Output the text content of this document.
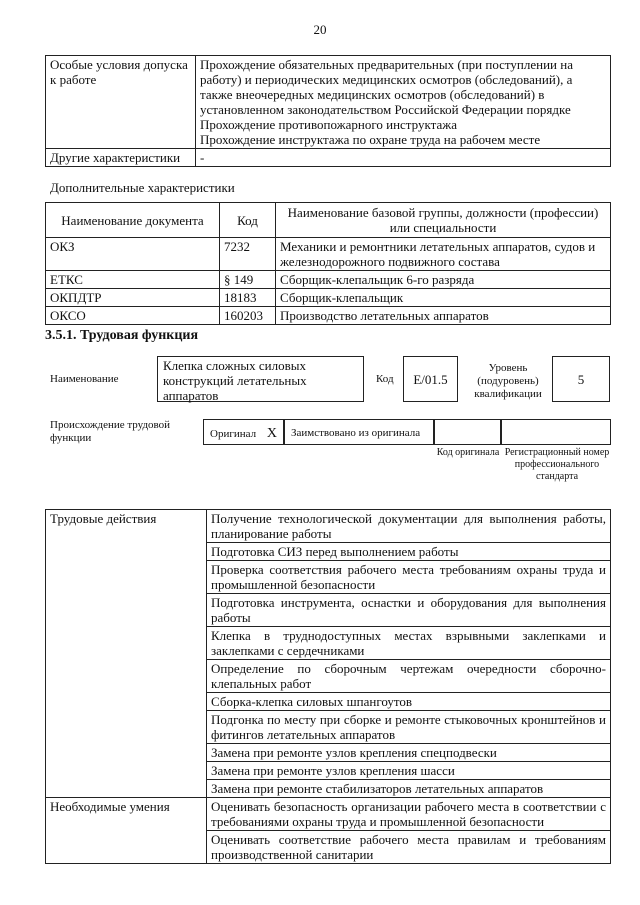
20
Особые условия допуска к работе	Прохождение обязательных предварительных (при поступлении на работу) и периодических медицинских осмотров (обследований), а также внеочередных медицинских осмотров (обследований) в установленном законодательством Российской Федерации порядке
Прохождение противопожарного инструктажа
Прохождение инструктажа по охране труда на рабочем месте

Другие характеристики	-
Дополнительные характеристики
Наименование документа	Код	Наименование базовой группы, должности (профессии) или специальности
ОКЗ	7232	Механики и ремонтники летательных аппаратов, судов и железнодорожного подвижного состава
ЕТКС	§ 149	Сборщик-клепальщик 6-го разряда
ОКПДТР	18183	Сборщик-клепальщик
ОКСО	160203	Производство летательных аппаратов
3.5.1. Трудовая функция
Наименование
Клепка сложных силовых конструкций летательных аппаратов
Код	E/01.5
Уровень (подуровень) квалификации
5
Происхождение трудовой функции	Оригинал X	Заимствовано из оригинала
Код оригинала Регистрационный номер профессионального стандарта
Трудовые действия	Получение технологической документации для выполнения работы, планирование работы
	Подготовка СИЗ перед выполнением работы
	Проверка соответствия рабочего места требованиям охраны труда и промышленной безопасности
	Подготовка инструмента, оснастки и оборудования для выполнения работы
	Клепка в труднодоступных местах взрывными заклепками и заклепками с сердечниками
	Определение по сборочным чертежам очередности сборочно-клепальных работ
	Сборка-клепка силовых шпангоутов
	Подгонка по месту при сборке и ремонте стыковочных кронштейнов и фитингов летательных аппаратов
	Замена при ремонте узлов крепления спецподвески
	Замена при ремонте узлов крепления шасси
	Замена при ремонте стабилизаторов летательных аппаратов
Необходимые умения	Оценивать безопасность организации рабочего места в соответствии с требованиями охраны труда и промышленной безопасности
	Оценивать соответствие рабочего места правилам и требованиям производственной санитарии
